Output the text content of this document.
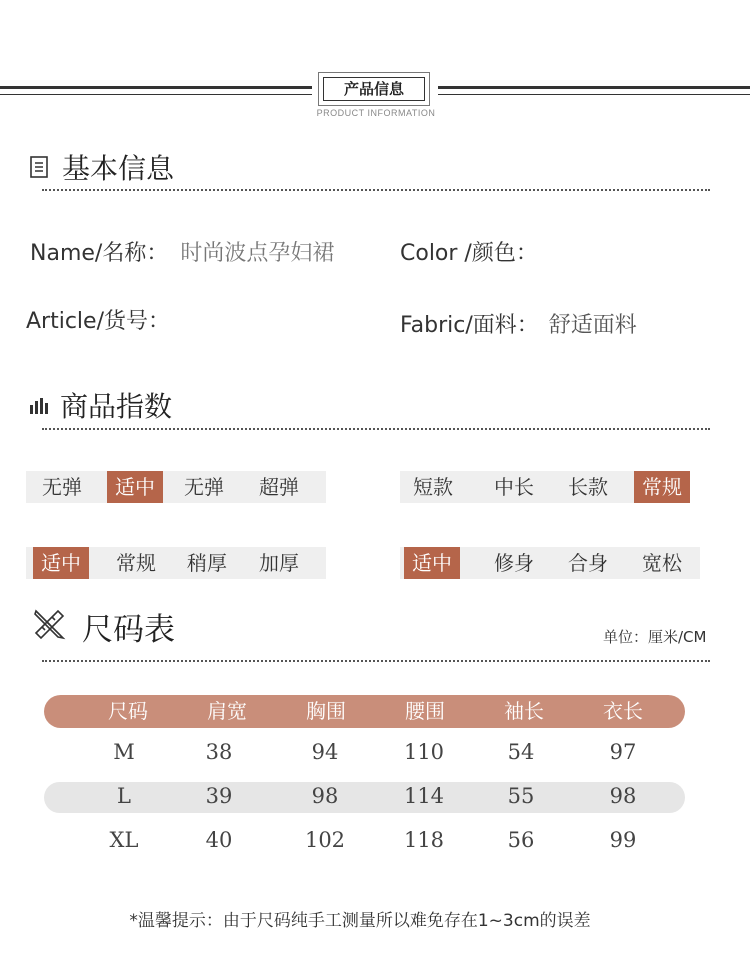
产品信息
PRODUCT INFORMATION
基本信息
Name/名称： 时尚波点孕妇裙	Color /颜色：
Article/货号：	Fabric/面料： 舒适面料
商品指数
无弹	适中	无弹	超弹	短款	中长	长款	常规
适中	常规	稍厚	加厚	适中	修身	合身	宽松
尺码表	单位：厘米/CM
尺码	肩宽	胸围	腰围	袖长	衣长
M	38	94	110	54	97
L	39	98	114	55	98
XL	40	102	118	56	99
*温馨提示：由于尺码纯手工测量所以难免存在1~3cm的误差
